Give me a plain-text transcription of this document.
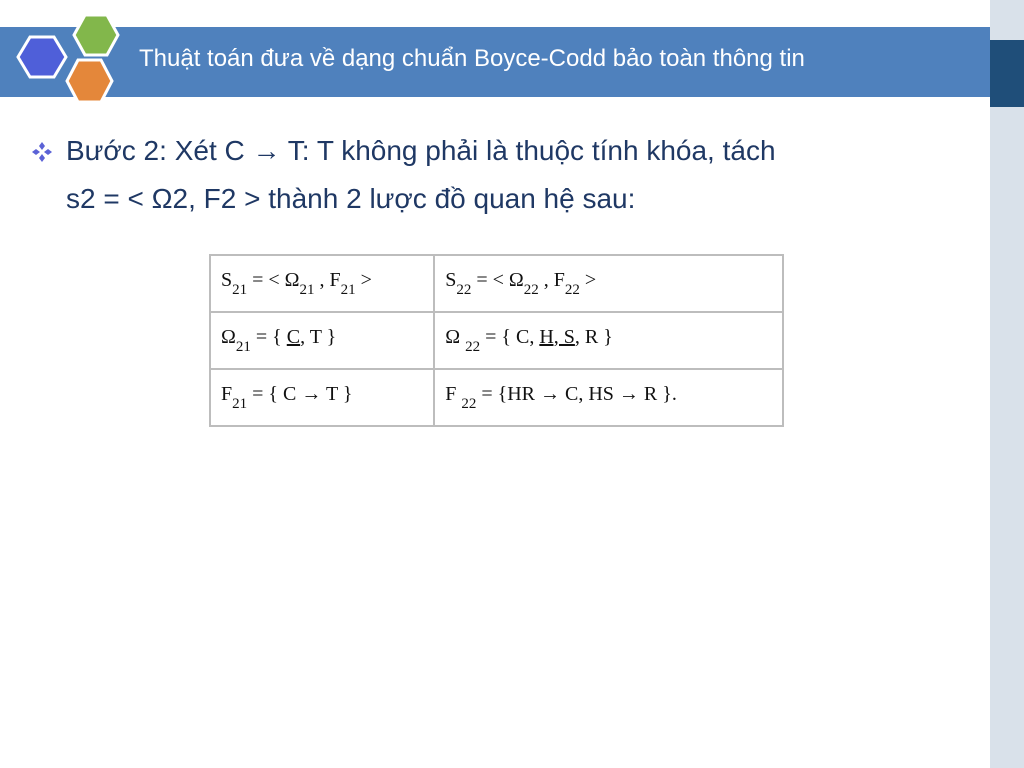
Thuật toán đưa về dạng chuẩn Boyce-Codd bảo toàn thông tin
Bước 2: Xét C → T: T không phải là thuộc tính khóa, tách
s2 = < Ω2, F2 > thành 2 lược đồ quan hệ sau:
$S_{21}$ = < $\Omega_{21}$ , $F_{21}$ >	$S_{22}$ = < $\Omega_{22}$ , $F_{22}$ >
$\Omega_{21}$ = { C, T }	Ω $_{22}$ = { C, H, S, R }
$F_{21}$ = { C → T }	F $_{22}$ = {HR → C, HS → R }.
